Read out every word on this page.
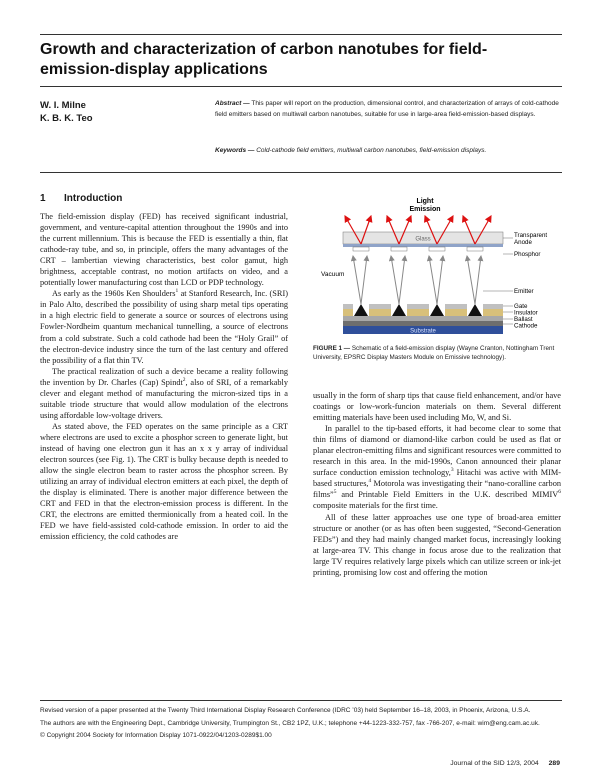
Growth and characterization of carbon nanotubes for field-emission-display applications
W. I. Milne
K. B. K. Teo
Abstract — This paper will report on the production, dimensional control, and characterization of arrays of cold-cathode field emitters based on multiwall carbon nanotubes, suitable for use in large-area field-emission-based displays.
Keywords — Cold-cathode field emitters, multiwall carbon nanotubes, field-emission displays.
1 Introduction

The field-emission display (FED) has received significant industrial, government, and venture-capital attention throughout the 1990s and into the current millennium. This is because the FED is essentially a thin, flat cathode-ray tube, and so, in principle, offers the many advantages of the CRT – lambertian viewing characteristics, best color gamut, high brightness, acceptable contrast, no motion artifacts on video, and a potentially lower manufacturing cost than LCD or PDP technology.

As early as the 1960s Ken Shoulders$^1$ at Stanford Research, Inc. (SRI) in Palo Alto, described the possibility of using sharp metal tips operating in a high electric field to generate a source or sources of electrons using Fowler-Nordheim quantum mechanical tunnelling, a source of electrons from a cold substrate. Such a cold cathode had been the “Holy Grail” of the electron-device industry since the turn of the last century and offered the possibility of a flat thin TV.

The practical realization of such a device became a reality following the invention by Dr. Charles (Cap) Spindt$^2$, also of SRI, of a remarkably clever and elegant method of manufacturing the micron-sized tips in a suitable triode structure that would allow modulation of the electrons using affordable low-voltage drivers.

As stated above, the FED operates on the same principle as a CRT where electrons are used to excite a phosphor screen to generate light, but instead of having one electron gun it has an x x y array of individual electron sources (see Fig. 1). The CRT is bulky because depth is needed to allow the single electron beam to raster across the phosphor screen. By utilizing an array of individual electron emitters at each pixel, the depth of the display is eliminated. There is another major difference between the CRT and FED in that the electron-emission process is different. In the CRT, the electrons are emitted thermionically from a heated coil. In the FED we have field-assisted cold-cathode emission. In order to aid the emission efficiency, the cold cathodes are

Light
Emission
Glass
Substrate
Vacuum
Transparent
Anode
Phosphor
Emitter
Gate
Insulator
Ballast
Cathode
FIGURE 1 — Schematic of a field-emission display (Wayne Cranton, Nottingham Trent University, EPSRC Display Masters Module on Emissive technology).

usually in the form of sharp tips that cause field enhancement, and/or have coatings or low-work-funcion materials on them. Several different emitting materials have been used including Mo, W, and Si.

In parallel to the tip-based efforts, it had become clear to some that thin films of diamond or diamond-like carbon could be used as flat or planar electron-emitting films and significant resources were committed to research in this area. In the mid-1990s, Canon announced their planar surface conduction emission technology,$^3$ Hitachi was active with MIM-based structures,$^4$ Motorola was investigating their “nano-coralline carbon films”$^5$ and Printable Field Emitters in the U.K. described MIMIV$^6$ composite materials for the first time.

All of these latter approaches use one type of broad-area emitter structure or another (or as has often been suggested, “Second-Generation FEDs”) and they had mainly changed market focus, increasingly looking at large-area TV. This change in focus arose due to the realization that large TV requires relatively large pixels which can utilize screen or ink-jet printing, promising low cost and offering the motion

Revised version of a paper presented at the Twenty Third International Display Research Conference (IDRC ’03) held September 16–18, 2003, in Phoenix, Arizona, U.S.A.

The authors are with the Engineering Dept., Cambridge University, Trumpington St., CB2 1PZ, U.K.; telephone +44-1223-332-757, fax -766-207, e-mail: wim@eng.cam.ac.uk.

© Copyright 2004 Society for Information Display 1071-0922/04/1203-0289$1.00

Journal of the SID 12/3, 2004 289
